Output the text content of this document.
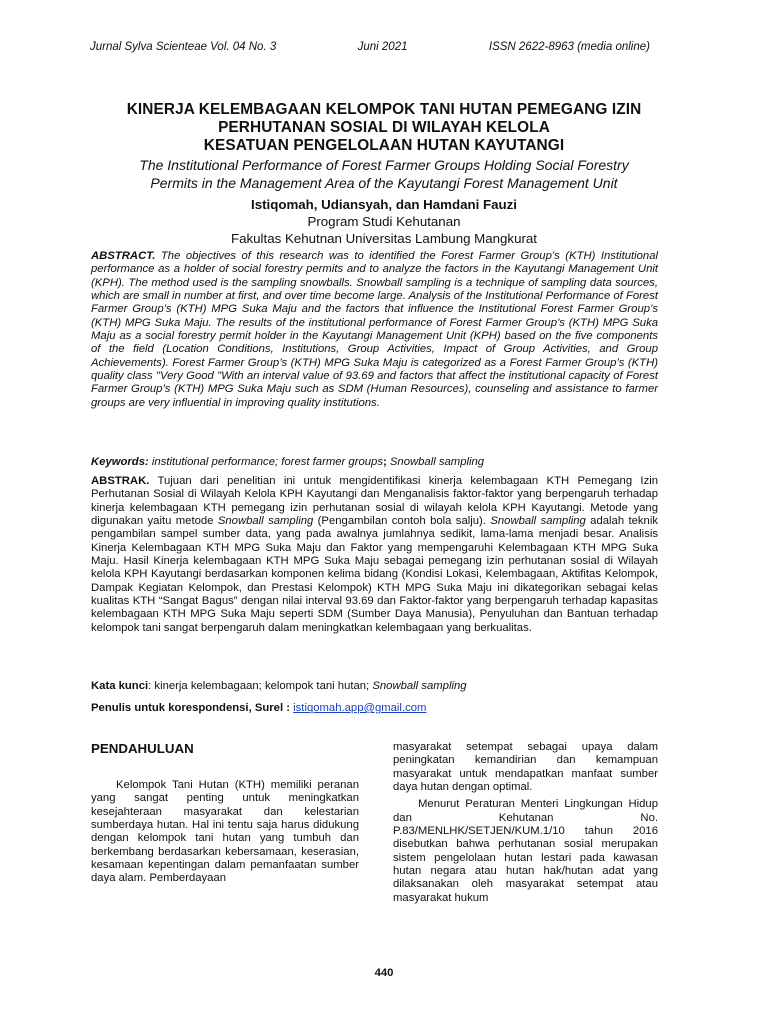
Jurnal Sylva Scienteae Vol. 04 No. 3	Juni 2021	ISSN 2622-8963 (media online)
KINERJA KELEMBAGAAN KELOMPOK TANI HUTAN PEMEGANG IZIN
PERHUTANAN SOSIAL DI WILAYAH KELOLA
KESATUAN PENGELOLAAN HUTAN KAYUTANGI
The Institutional Performance of Forest Farmer Groups Holding Social Forestry
Permits in the Management Area of the Kayutangi Forest Management Unit
Istiqomah, Udiansyah, dan Hamdani Fauzi
Program Studi Kehutanan
Fakultas Kehutnan Universitas Lambung Mangkurat
ABSTRACT. The objectives of this research was to identified the Forest Farmer Group’s (KTH) Institutional performance as a holder of social forestry permits and to analyze the factors in the Kayutangi Management Unit (KPH). The method used is the sampling snowballs. Snowball sampling is a technique of sampling data sources, which are small in number at first, and over time become large. Analysis of the Institutional Performance of Forest Farmer Group’s (KTH) MPG Suka Maju and the factors that influence the Institutional Forest Farmer Group’s (KTH) MPG Suka Maju. The results of the institutional performance of Forest Farmer Group’s (KTH) MPG Suka Maju as a social forestry permit holder in the Kayutangi Management Unit (KPH) based on the five components of the field (Location Conditions, Institutions, Group Activities, Impact of Group Activities, and Group Achievements). Forest Farmer Group’s (KTH) MPG Suka Maju is categorized as a Forest Farmer Group’s (KTH) quality class "Very Good "With an interval value of 93.69 and factors that affect the institutional capacity of Forest Farmer Group’s (KTH) MPG Suka Maju such as SDM (Human Resources), counseling and assistance to farmer groups are very influential in improving quality institutions.
Keywords: institutional performance; forest farmer groups; Snowball sampling
ABSTRAK. Tujuan dari penelitian ini untuk mengidentifikasi kinerja kelembagaan KTH Pemegang Izin Perhutanan Sosial di Wilayah Kelola KPH Kayutangi dan Menganalisis faktor-faktor yang berpengaruh terhadap kinerja kelembagaan KTH pemegang izin perhutanan sosial di wilayah kelola KPH Kayutangi. Metode yang digunakan yaitu metode Snowball sampling (Pengambilan contoh bola salju). Snowball sampling adalah teknik pengambilan sampel sumber data, yang pada awalnya jumlahnya sedikit, lama-lama menjadi besar. Analisis Kinerja Kelembagaan KTH MPG Suka Maju dan Faktor yang mempengaruhi Kelembagaan KTH MPG Suka Maju. Hasil Kinerja kelembagaan KTH MPG Suka Maju sebagai pemegang izin perhutanan sosial di Wilayah kelola KPH Kayutangi berdasarkan komponen kelima bidang (Kondisi Lokasi, Kelembagaan, Aktifitas Kelompok, Dampak Kegiatan Kelompok, dan Prestasi Kelompok) KTH MPG Suka Maju ini dikategorikan sebagai kelas kualitas KTH “Sangat Bagus” dengan nilai interval 93.69 dan Faktor-faktor yang berpengaruh terhadap kapasitas kelembagaan KTH MPG Suka Maju seperti SDM (Sumber Daya Manusia), Penyuluhan dan Bantuan terhadap kelompok tani sangat berpengaruh dalam meningkatkan kelembagaan yang berkualitas.
Kata kunci: kinerja kelembagaan; kelompok tani hutan; Snowball sampling
Penulis untuk korespondensi, Surel : istiqomah.app@gmail.com
PENDAHULUAN

Kelompok Tani Hutan (KTH) memiliki peranan yang sangat penting untuk meningkatkan kesejahteraan masyarakat dan kelestarian sumberdaya hutan. Hal ini tentu saja harus didukung dengan kelompok tani hutan yang tumbuh dan berkembang berdasarkan kebersamaan, keserasian, kesamaan kepentingan dalam pemanfaatan sumber daya alam. Pemberdayaan

masyarakat setempat sebagai upaya dalam peningkatan kemandirian dan kemampuan masyarakat untuk mendapatkan manfaat sumber daya hutan dengan optimal.

Menurut Peraturan Menteri Lingkungan Hidup dan Kehutanan No. P.83/MENLHK/SETJEN/KUM.1/10 tahun 2016 disebutkan bahwa perhutanan sosial merupakan sistem pengelolaan hutan lestari pada kawasan hutan negara atau hutan hak/hutan adat yang dilaksanakan oleh masyarakat setempat atau masyarakat hukum

440
